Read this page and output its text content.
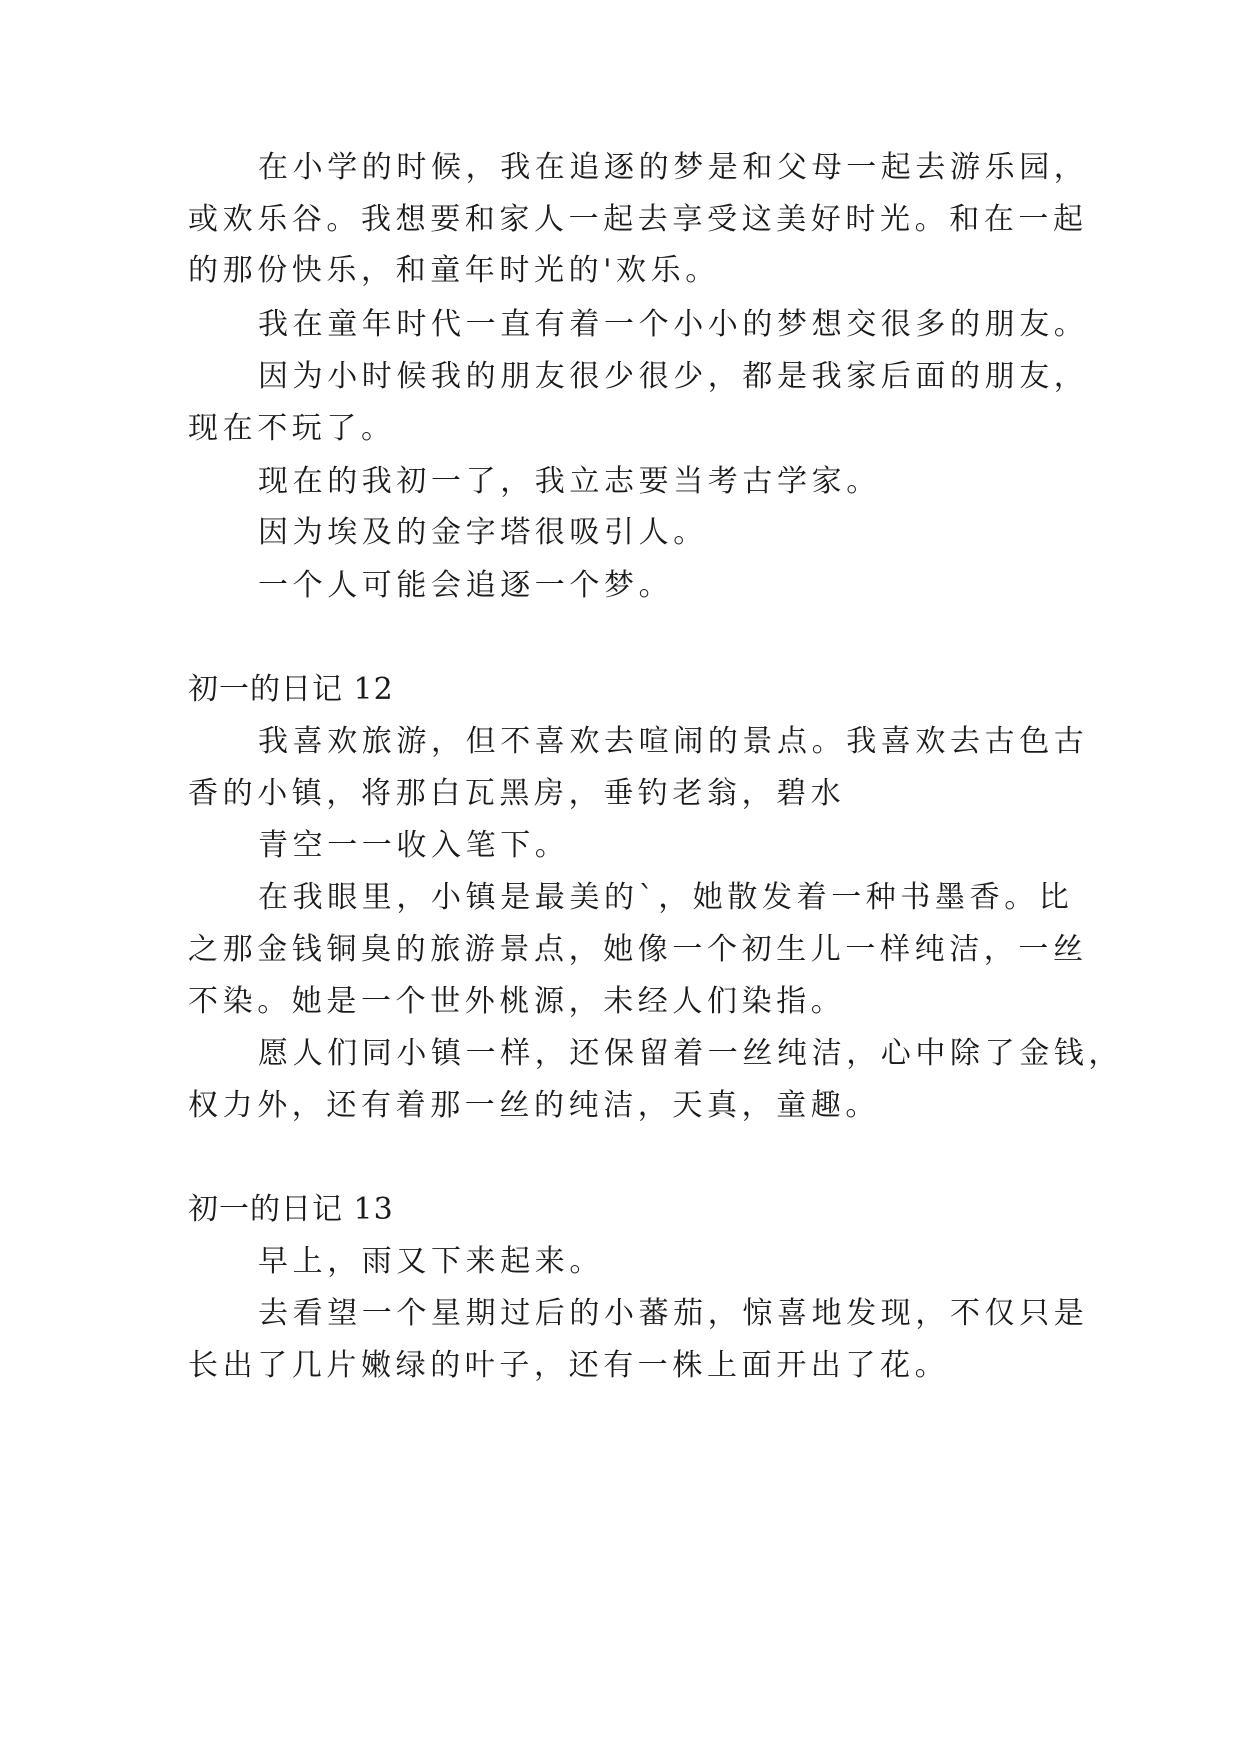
在小学的时候，我在追逐的梦是和父母一起去游乐园，
或欢乐谷。我想要和家人一起去享受这美好时光。和在一起
的那份快乐，和童年时光的'欢乐。
我在童年时代一直有着一个小小的梦想交很多的朋友。
因为小时候我的朋友很少很少，都是我家后面的朋友，
现在不玩了。
现在的我初一了，我立志要当考古学家。
因为埃及的金字塔很吸引人。
一个人可能会追逐一个梦。
初一的日记 12
我喜欢旅游，但不喜欢去喧闹的景点。我喜欢去古色古
香的小镇，将那白瓦黑房，垂钓老翁，碧水
青空一一收入笔下。
在我眼里，小镇是最美的`，她散发着一种书墨香。比
之那金钱铜臭的旅游景点，她像一个初生儿一样纯洁，一丝
不染。她是一个世外桃源，未经人们染指。
愿人们同小镇一样，还保留着一丝纯洁，心中除了金钱，
权力外，还有着那一丝的纯洁，天真，童趣。
初一的日记 13
早上，雨又下来起来。
去看望一个星期过后的小蕃茄，惊喜地发现，不仅只是
长出了几片嫩绿的叶子，还有一株上面开出了花。
